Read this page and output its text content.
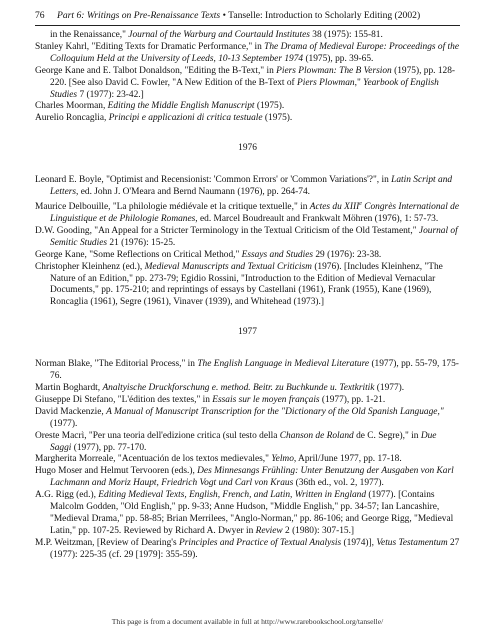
76 Part 6: Writings on Pre-Renaissance Texts • Tanselle: Introduction to Scholarly Editing (2002)

in the Renaissance," Journal of the Warburg and Courtauld Institutes 38 (1975): 155-81.

Stanley Kahrl, "Editing Texts for Dramatic Performance," in The Drama of Medieval Europe: Proceedings of the Colloquium Held at the University of Leeds, 10-13 September 1974 (1975), pp. 39-65.

George Kane and E. Talbot Donaldson, "Editing the B-Text," in Piers Plowman: The B Version (1975), pp. 128-220. [See also David C. Fowler, "A New Edition of the B-Text of Piers Plowman," Yearbook of English Studies 7 (1977): 23-42.]

Charles Moorman, Editing the Middle English Manuscript (1975).

Aurelio Roncaglia, Principi e applicazioni di critica testuale (1975).

1976

Leonard E. Boyle, "Optimist and Recensionist: 'Common Errors' or 'Common Variations'?", in Latin Script and Letters, ed. John J. O'Meara and Bernd Naumann (1976), pp. 264-74.

Maurice Delbouille, "La philologie médiévale et la critique textuelle," in Actes du XIIIe Congrès International de Linguistique et de Philologie Romanes, ed. Marcel Boudreault and Frankwalt Möhren (1976), 1: 57-73.

D.W. Gooding, "An Appeal for a Stricter Terminology in the Textual Criticism of the Old Testament," Journal of Semitic Studies 21 (1976): 15-25.

George Kane, "Some Reflections on Critical Method," Essays and Studies 29 (1976): 23-38.

Christopher Kleinhenz (ed.), Medieval Manuscripts and Textual Criticism (1976). [Includes Kleinhenz, "The Nature of an Edition," pp. 273-79; Egidio Rossini, "Introduction to the Edition of Medieval Vernacular Documents," pp. 175-210; and reprintings of essays by Castellani (1961), Frank (1955), Kane (1969), Roncaglia (1961), Segre (1961), Vinaver (1939), and Whitehead (1973).]

1977

Norman Blake, "The Editorial Process," in The English Language in Medieval Literature (1977), pp. 55-79, 175-76.

Martin Boghardt, Analtyische Druckforschung e. method. Beitr. zu Buchkunde u. Textkritik (1977).

Giuseppe Di Stefano, "L'édition des textes," in Essais sur le moyen français (1977), pp. 1-21.

David Mackenzie, A Manual of Manuscript Transcription for the "Dictionary of the Old Spanish Language," (1977).

Oreste Macrì, "Per una teoria dell'edizione critica (sul testo della Chanson de Roland de C. Segre)," in Due Saggi (1977), pp. 77-170.

Margherita Morreale, "Acentuación de los textos medievales," Yelmo, April/June 1977, pp. 17-18.

Hugo Moser and Helmut Tervooren (eds.), Des Minnesangs Frühling: Unter Benutzung der Ausgaben von Karl Lachmann and Moriz Haupt, Friedrich Vogt und Carl von Kraus (36th ed., vol. 2, 1977).

A.G. Rigg (ed.), Editing Medieval Texts, English, French, and Latin, Written in England (1977). [Contains Malcolm Godden, "Old English," pp. 9-33; Anne Hudson, "Middle English," pp. 34-57; Ian Lancashire, "Medieval Drama," pp. 58-85; Brian Merrilees, "Anglo-Norman," pp. 86-106; and George Rigg, "Medieval Latin," pp. 107-25. Reviewed by Richard A. Dwyer in Review 2 (1980): 307-15.]

M.P. Weitzman, [Review of Dearing's Principles and Practice of Textual Analysis (1974)], Vetus Testamentum 27 (1977): 225-35 (cf. 29 [1979]: 355-59).

This page is from a document available in full at http://www.rarebookschool.org/tanselle/
